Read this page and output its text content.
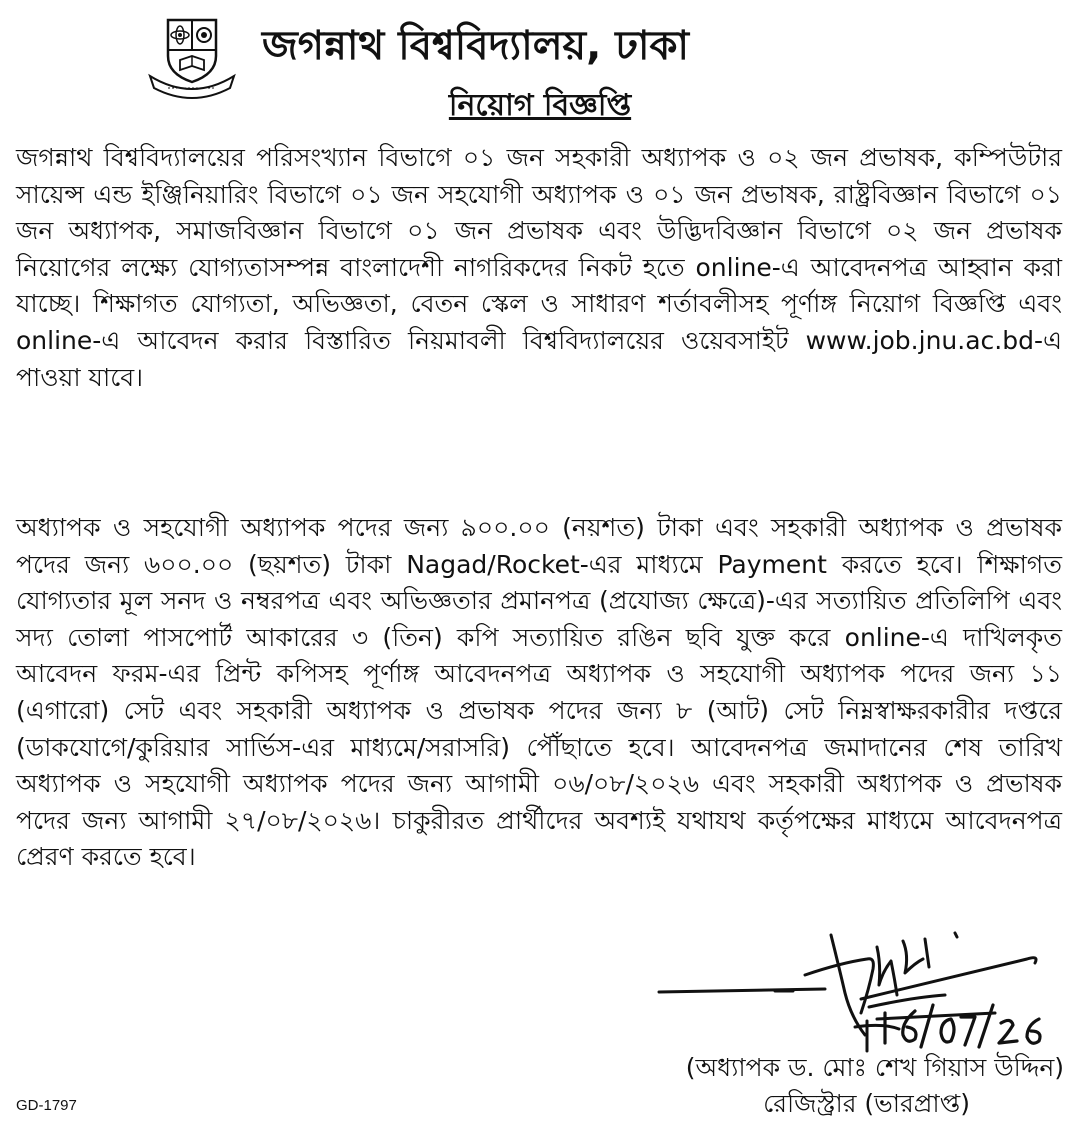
জগন্নাথ বিশ্ববিদ্যালয়, ঢাকা
নিয়োগ বিজ্ঞপ্তি
জগন্নাথ বিশ্ববিদ্যালয়ের পরিসংখ্যান বিভাগে ০১ জন সহকারী অধ্যাপক ও ০২ জন প্রভাষক, কম্পিউটার সায়েন্স এন্ড ইঞ্জিনিয়ারিং বিভাগে ০১ জন সহযোগী অধ্যাপক ও ০১ জন প্রভাষক, রাষ্ট্রবিজ্ঞান বিভাগে ০১ জন অধ্যাপক, সমাজবিজ্ঞান বিভাগে ০১ জন প্রভাষক এবং উদ্ভিদবিজ্ঞান বিভাগে ০২ জন প্রভাষক নিয়োগের লক্ষ্যে যোগ্যতাসম্পন্ন বাংলাদেশী নাগরিকদের নিকট হতে online-এ আবেদনপত্র আহ্বান করা যাচ্ছে। শিক্ষাগত যোগ্যতা, অভিজ্ঞতা, বেতন স্কেল ও সাধারণ শর্তাবলীসহ পূর্ণাঙ্গ নিয়োগ বিজ্ঞপ্তি এবং online-এ আবেদন করার বিস্তারিত নিয়মাবলী বিশ্ববিদ্যালয়ের ওয়েবসাইট www.job.jnu.ac.bd-এ পাওয়া যাবে।
অধ্যাপক ও সহযোগী অধ্যাপক পদের জন্য ৯০০.০০ (নয়শত) টাকা এবং সহকারী অধ্যাপক ও প্রভাষক পদের জন্য ৬০০.০০ (ছয়শত) টাকা Nagad/Rocket-এর মাধ্যমে Payment করতে হবে। শিক্ষাগত যোগ্যতার মূল সনদ ও নম্বরপত্র এবং অভিজ্ঞতার প্রমানপত্র (প্রযোজ্য ক্ষেত্রে)-এর সত্যায়িত প্রতিলিপি এবং সদ্য তোলা পাসপোর্ট আকারের ৩ (তিন) কপি সত্যায়িত রঙিন ছবি যুক্ত করে online-এ দাখিলকৃত আবেদন ফরম-এর প্রিন্ট কপিসহ পূর্ণাঙ্গ আবেদনপত্র অধ্যাপক ও সহযোগী অধ্যাপক পদের জন্য ১১ (এগারো) সেট এবং সহকারী অধ্যাপক ও প্রভাষক পদের জন্য ৮ (আট) সেট নিম্নস্বাক্ষরকারীর দপ্তরে (ডাকযোগে/কুরিয়ার সার্ভিস-এর মাধ্যমে/সরাসরি) পৌঁছাতে হবে। আবেদনপত্র জমাদানের শেষ তারিখ অধ্যাপক ও সহযোগী অধ্যাপক পদের জন্য আগামী ০৬/০৮/২০২৬ এবং সহকারী অধ্যাপক ও প্রভাষক পদের জন্য আগামী ২৭/০৮/২০২৬। চাকুরীরত প্রার্থীদের অবশ্যই যথাযথ কর্তৃপক্ষের মাধ্যমে আবেদনপত্র প্রেরণ করতে হবে।
(অধ্যাপক ড. মোঃ শেখ গিয়াস উদ্দিন)
রেজিস্ট্রার (ভারপ্রাপ্ত)
GD-1797
